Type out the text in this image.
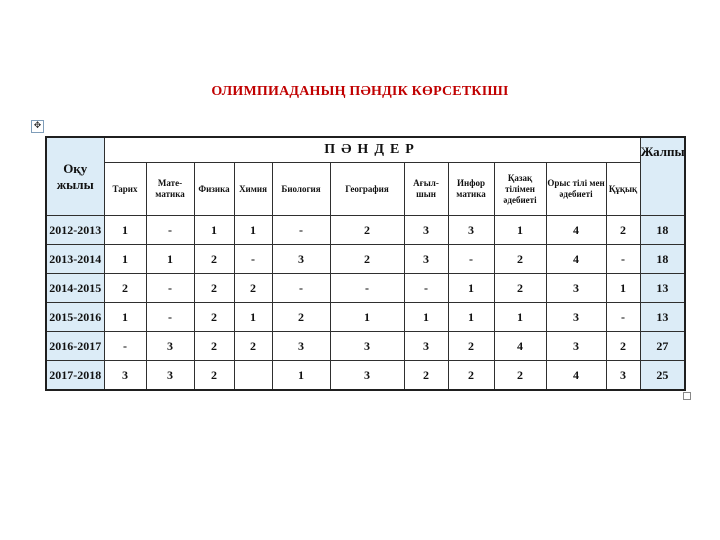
ОЛИМПИАДАНЫҢ ПӘНДІК КӨРСЕТКІШІ
✥
Оқу жылы	ПӘНДЕР											Жалпы
	Тарих	Мате-матика	Физика	Химия	Биология	География	Ағыл-шын	Инфор матика	Қазақ тілімен әдебиеті	Орыс тілі мен әдебиеті	Құқық	
2012-2013	1	-	1	1	-	2	3	3	1	4	2	18
2013-2014	1	1	2	-	3	2	3	-	2	4	-	18
2014-2015	2	-	2	2	-	-	-	1	2	3	1	13
2015-2016	1	-	2	1	2	1	1	1	1	3	-	13
2016-2017	-	3	2	2	3	3	3	2	4	3	2	27
2017-2018	3	3	2		1	3	2	2	2	4	3	25
